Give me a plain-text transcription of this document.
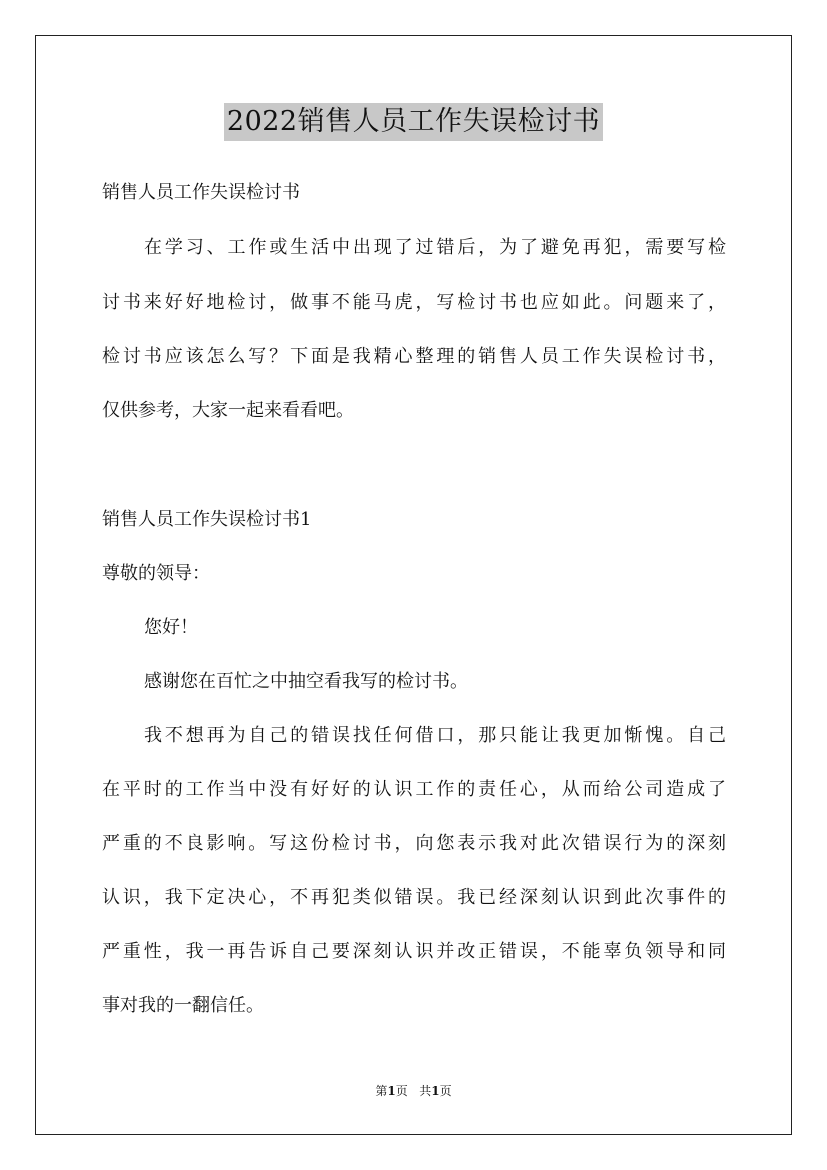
2022销售人员工作失误检讨书
销售人员工作失误检讨书
在学习、工作或生活中出现了过错后，为了避免再犯，需要写检
讨书来好好地检讨，做事不能马虎，写检讨书也应如此。问题来了，
检讨书应该怎么写？下面是我精心整理的销售人员工作失误检讨书，
仅供参考，大家一起来看看吧。
销售人员工作失误检讨书1
尊敬的领导：
您好！
感谢您在百忙之中抽空看我写的检讨书。
我不想再为自己的错误找任何借口，那只能让我更加惭愧。自己
在平时的工作当中没有好好的认识工作的责任心，从而给公司造成了
严重的不良影响。写这份检讨书，向您表示我对此次错误行为的深刻
认识，我下定决心，不再犯类似错误。我已经深刻认识到此次事件的
严重性，我一再告诉自己要深刻认识并改正错误，不能辜负领导和同
事对我的一翻信任。
第1页 共1页
